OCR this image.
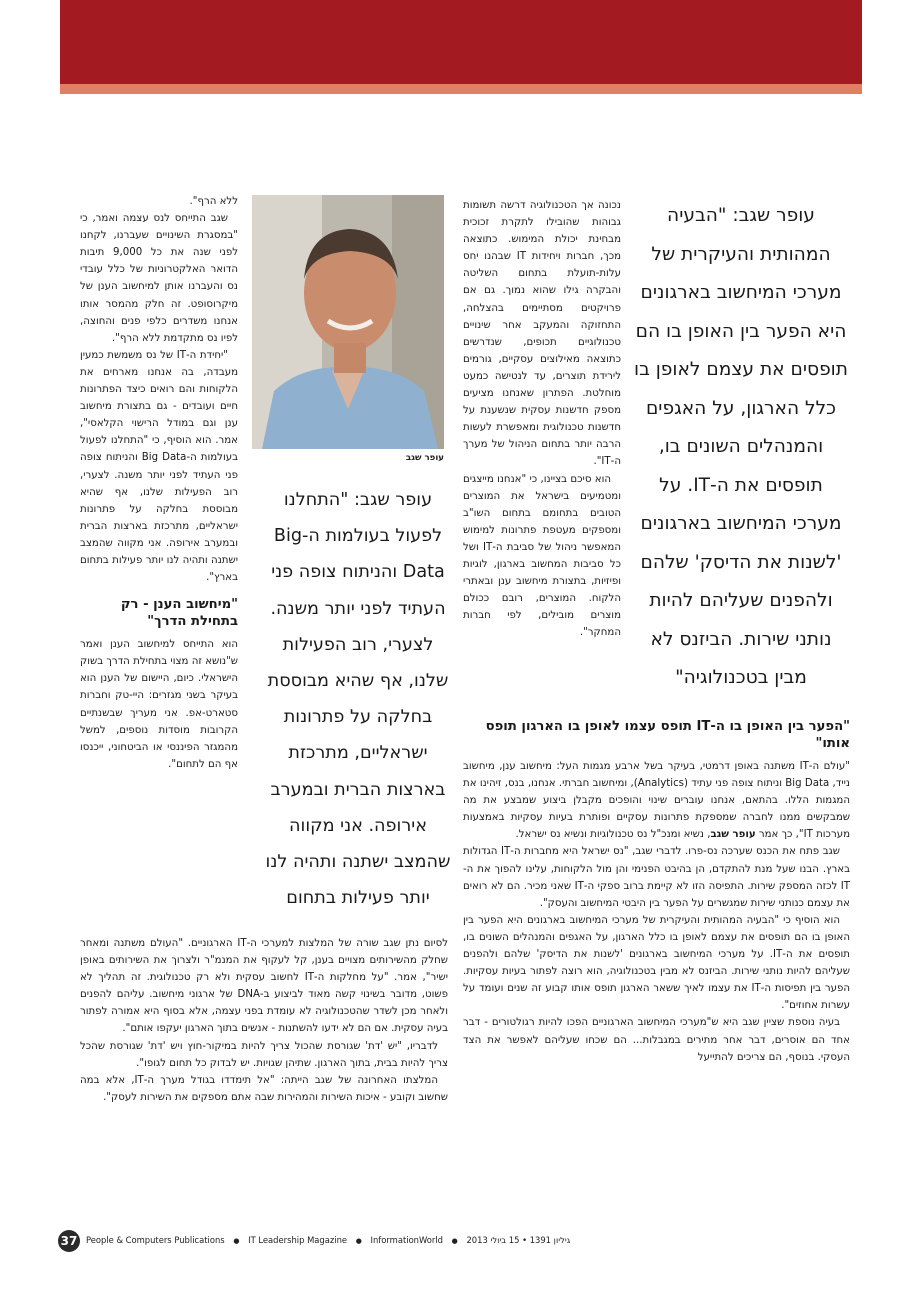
עופר שגב: "הבעיה המהותית והעיקרית של מערכי המיחשוב בארגונים היא הפער בין האופן בו הם תופסים את עצמם לאופן בו כלל הארגון, על האגפים והמנהלים השונים בו, תופסים את ה-IT. על מערכי המיחשוב בארגונים 'לשנות את הדיסק' שלהם ולהפנים שעליהם להיות נותני שירות. הביזנס לא מבין בטכנולוגיה"

נכונה אך הטכנולוגיה דרשה תשומות גבוהות שהובילו לתקרת זכוכית מבחינת יכולת המימוש. כתוצאה מכך, חברות ויחידות IT שבהנו יחס עלות-תועלת בתחום השליטה והבקרה גילו שהוא נמוך. גם אם פרויקטים מסתיימים בהצלחה, התחזוקה והמעקב אחר שינויים טכנולוגיים תכופים, שנדרשים כתוצאה מאילוצים עסקיים, גורמים לירידת תוצרים, עד לנטישה כמעט מוחלטת. הפתרון שאנחנו מציעים מספק חדשנות עסקית שנשענת על חדשנות טכנולוגית ומאפשרת לעשות הרבה יותר בתחום הניהול של מערך ה-IT".

הוא סיכם בציינו, כי "אנחנו מייצגים ומטמיעים בישראל את המוצרים הטובים בתחומם בתחום השו"ב ומספקים מעטפת פתרונות למימוש המאפשר ניהול של סביבת ה-IT ושל כל סביבות המחשוב בארגון, לוגיות ופיזיות, בתצורת מיחשוב ענן ובאתרי הלקוח. המוצרים, רובם ככולם מוצרים מובילים, לפי חברות המחקר".

עופר שגב

עופר שגב: "התחלנו לפעול בעולמות ה-Big Data והניתוח צופה פני העתיד לפני יותר משנה. לצערי, רוב הפעילות שלנו, אף שהיא מבוססת בחלקה על פתרונות ישראליים, מתרכזת בארצות הברית ובמערב אירופה. אני מקווה שהמצב ישתנה ותהיה לנו יותר פעילות בתחום

ללא הרף".

שגב התייחס לנס עצמה ואמר, כי "במסגרת השינויים שעברנו, לקחנו לפני שנה את כל 9,000 תיבות הדואר האלקטרוניות של כלל עובדי נס והעברנו אותן למיחשוב הענן של מיקרוסופט. זה חלק מהמסר אותו אנחנו משדרים כלפי פנים והחוצה, לפיו נס מתקדמת ללא הרף".

"יחידת ה-IT של נס משמשת כמעין מעבדה, בה אנחנו מארחים את הלקוחות והם רואים כיצד הפתרונות חיים ועובדים - גם בתצורת מיחשוב ענן וגם במודל הרישוי הקלאסי", אמר. הוא הוסיף, כי "התחלנו לפעול בעולמות ה-Big Data והניתוח צופה פני העתיד לפני יותר משנה. לצערי, רוב הפעילות שלנו, אף שהיא מבוססת בחלקה על פתרונות ישראליים, מתרכזת בארצות הברית ובמערב אירופה. אני מקווה שהמצב ישתנה ותהיה לנו יותר פעילות בתחום בארץ".

"מיחשוב הענן - רק בתחילת הדרך"

הוא התייחס למיחשוב הענן ואמר ש"נושא זה מצוי בתחילת הדרך בשוק הישראלי. כיום, היישום של הענן הוא בעיקר בשני מגזרים: היי-טק וחברות סטארט-אפ. אני מעריך שבשנתיים הקרובות מוסדות נוספים, למשל מהמגזר הפיננסי או הביטחוני, ייכנסו אף הם לתחום".

"הפער בין האופן בו ה-IT תופס עצמו לאופן בו הארגון תופס אותו"

"עולם ה-IT משתנה באופן דרמטי, בעיקר בשל ארבע מגמות העל: מיחשוב ענן, מיחשוב נייד, Big Data וניתוח צופה פני עתיד (Analytics), ומיחשוב חברתי. אנחנו, בנס, זיהינו את המגמות הללו. בהתאם, אנחנו עוברים שינוי והופכים מקבלן ביצוע שמבצע את מה שמבקשים ממנו לחברה שמספקת פתרונות עסקיים ופותרת בעיות עסקיות באמצעות מערכות IT", כך אמר עופר שגב, נשיא ומנכ"ל נס טכנולוגיות ונשיא נס ישראל.

שגב פתח את הכנס שערכה נס-פרו. לדברי שגב, "נס ישראל היא מחברות ה-IT הגדולות בארץ. הבנו שעל מנת להתקדם, הן בהיבט הפנימי והן מול הלקוחות, עלינו להפוך את ה-IT לכזה המספק שירות. התפיסה הזו לא קיימת ברוב ספקי ה-IT שאני מכיר. הם לא רואים את עצמם כנותני שירות שמגשרים על הפער בין היבטי המיחשוב והעסק".

הוא הוסיף כי "הבעיה המהותית והעיקרית של מערכי המיחשוב בארגונים היא הפער בין האופן בו הם תופסים את עצמם לאופן בו כלל הארגון, על האגפים והמנהלים השונים בו, תופסים את ה-IT. על מערכי המיחשוב בארגונים 'לשנות את הדיסק' שלהם ולהפנים שעליהם להיות נותני שירות. הביזנס לא מבין בטכנולוגיה, הוא רוצה לפתור בעיות עסקיות. הפער בין תפיסות ה-IT את עצמו לאיך ששאר הארגון תופס אותו קבוע זה שנים ועומד על עשרות אחוזים".

בעיה נוספת שציין שגב היא ש"מערכי המיחשוב הארגוניים הפכו להיות רגולטורים - דבר אחד הם אוסרים, דבר אחר מתירים במגבלות... הם שכחו שעליהם לאפשר את הצד העסקי. בנוסף, הם צריכים להתייעל

לסיום נתן שגב שורה של המלצות למערכי ה-IT הארגוניים. "העולם משתנה ומאחר שחלק מהשירותים מצויים בענן, קל לעקוף את המנמ"ר ולצרוך את השירותים באופן ישיר", אמר. "על מחלקות ה-IT לחשוב עסקית ולא רק טכנולוגית. זה תהליך לא פשוט, מדובר בשינוי קשה מאוד לביצוע ב-DNA של ארגוני מיחשוב. עליהם להפנים ולאחר מכן לשדר שהטכנולוגיה לא עומדת בפני עצמה, אלא בסוף היא אמורה לפתור בעיה עסקית. אם הם לא ידעו להשתנות - אנשים בתוך הארגון יעקפו אותם".

לדבריו, "יש 'דת' שגורסת שהכול צריך להיות במיקור-חוץ ויש 'דת' שגורסת שהכל צריך להיות בבית, בתוך הארגון. שתיהן שגויות. יש לבדוק כל תחום לגופו".

המלצתו האחרונה של שגב הייתה: "אל תימדדו בגודל מערך ה-IT, אלא במה שחשוב וקובע - איכות השירות והמהירות שבה אתם מספקים את השירות לעסק".

37	People & Computers Publications ● IT Leadership Magazine ● InformationWorld ● גיליון 1391 • 15 ביולי 2013
